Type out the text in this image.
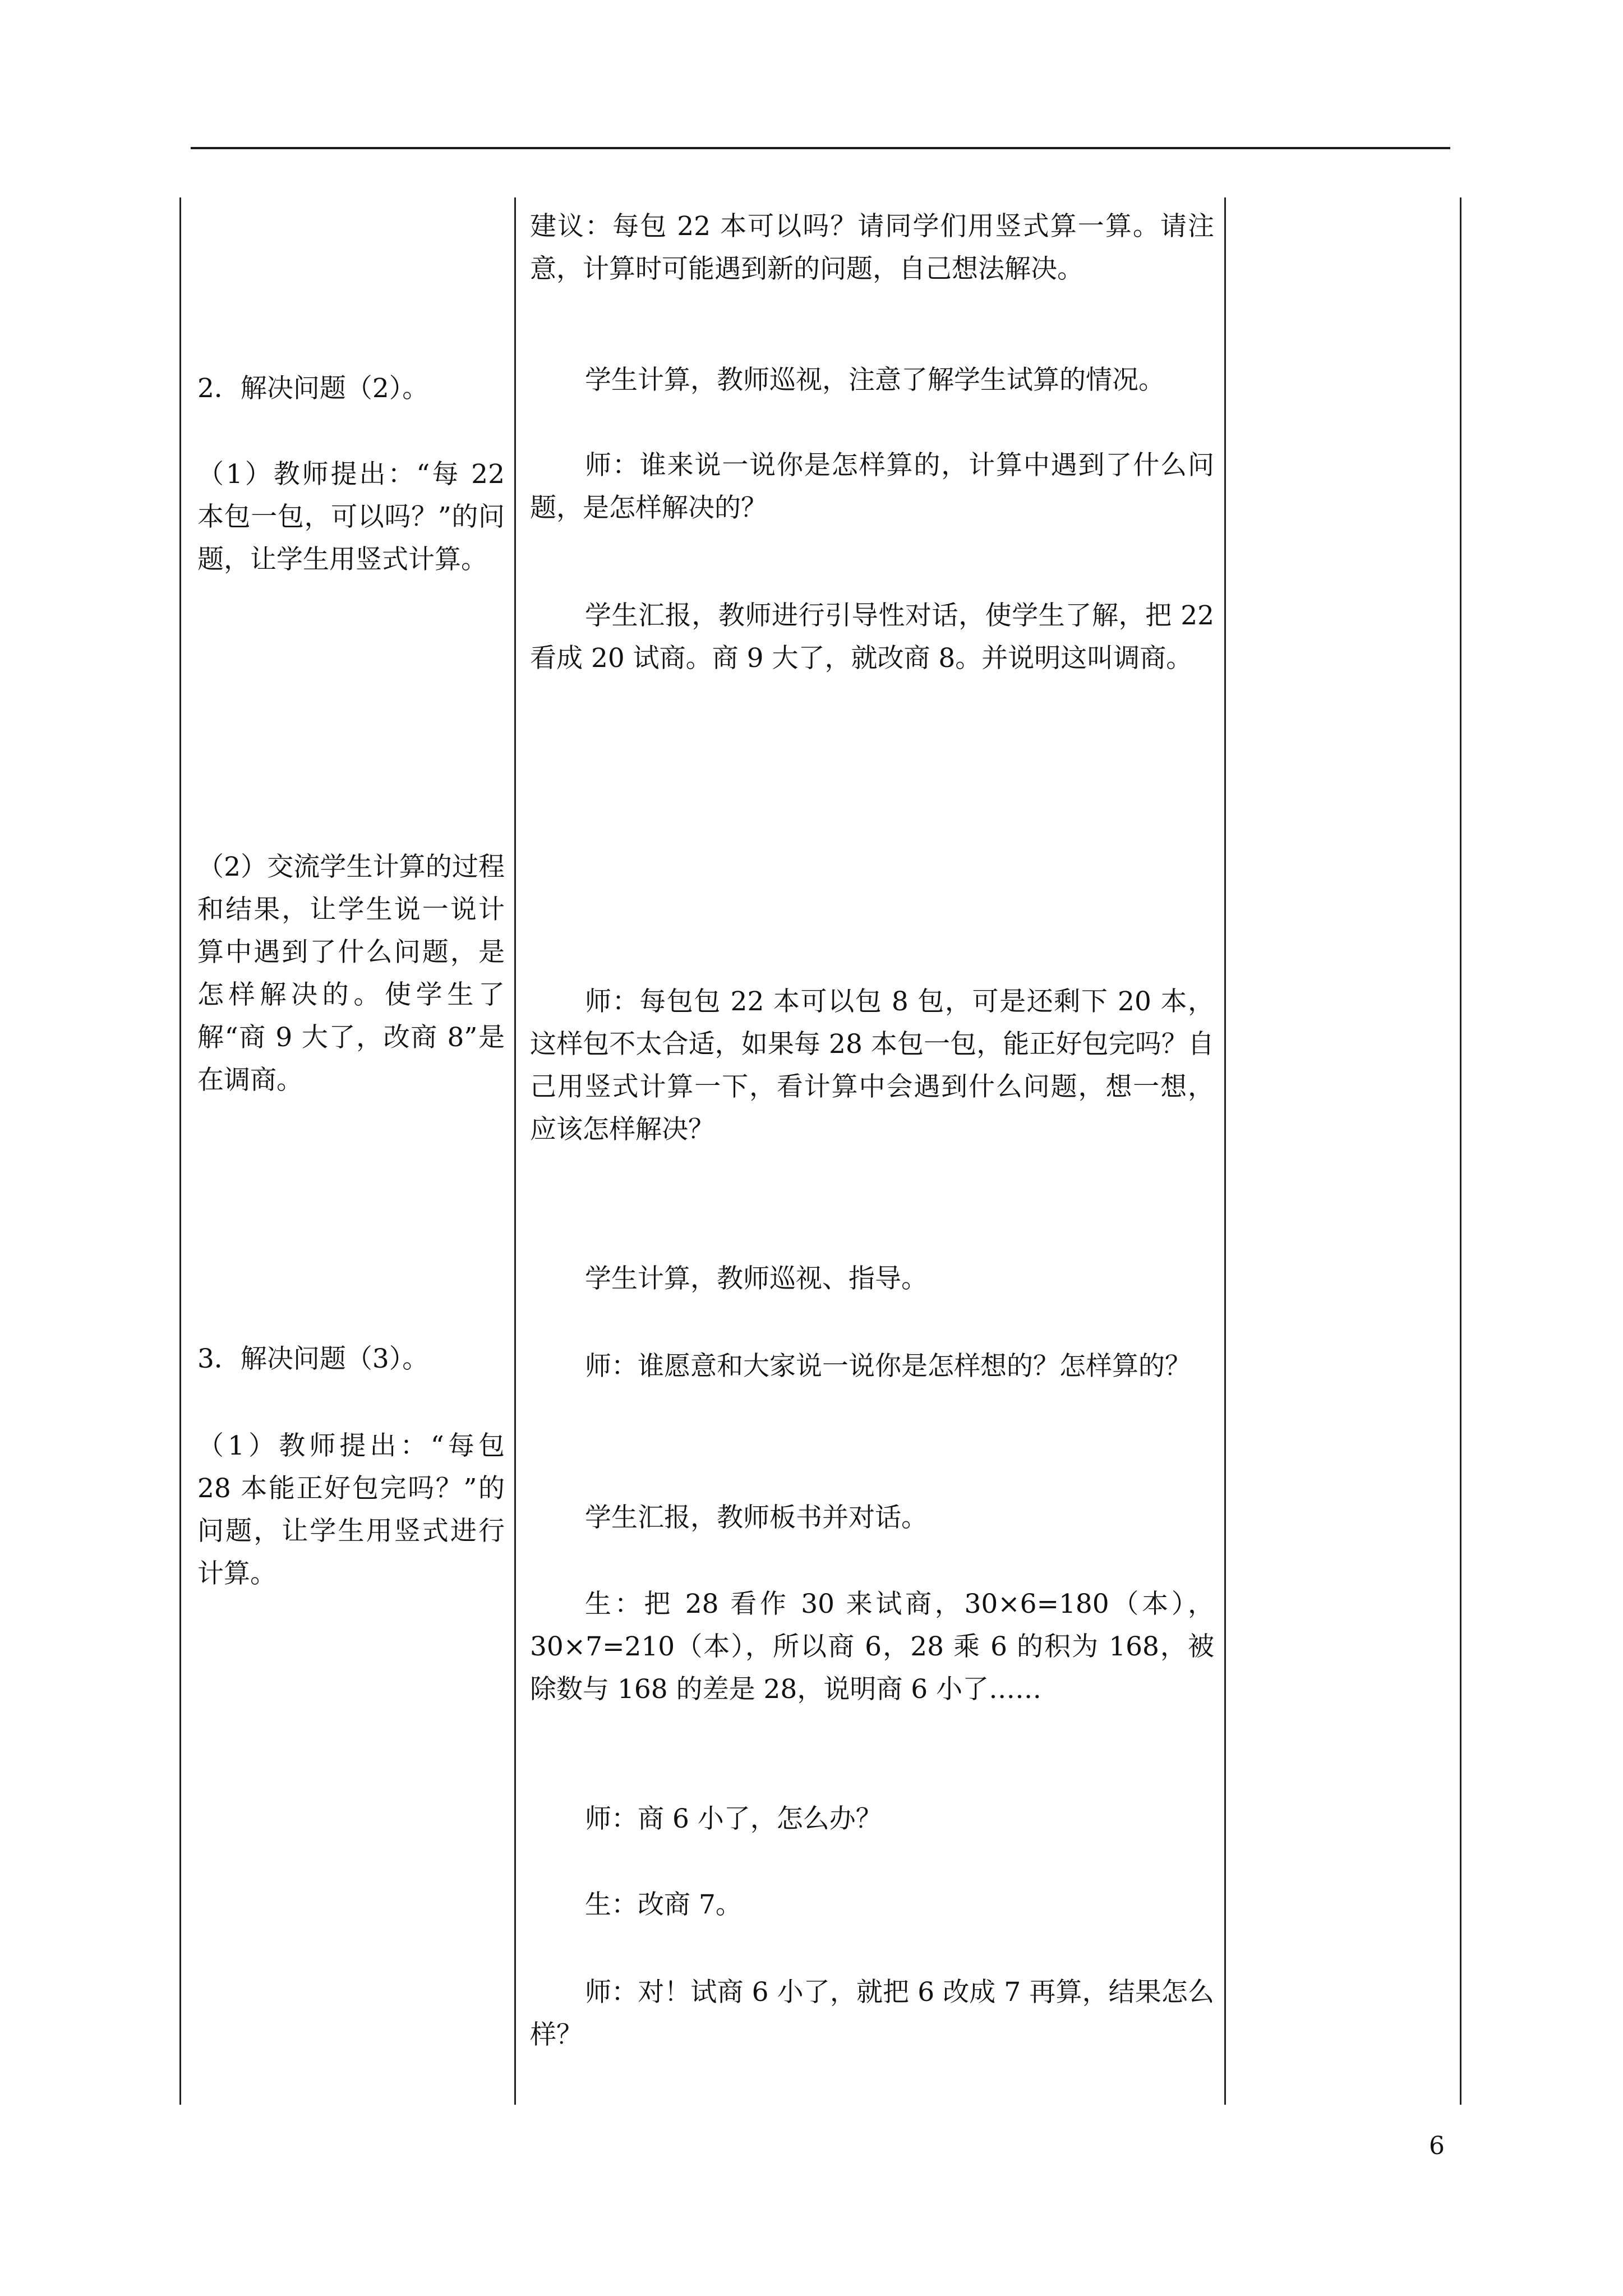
2．解决问题（2）。

（1）教师提出：“每 22 本包一包，可以吗？”的问题，让学生用竖式计算。

（2）交流学生计算的过程和结果，让学生说一说计算中遇到了什么问题，是怎样解决的。使学生了解“商 9 大了，改商 8”是在调商。

3．解决问题（3）。

（1）教师提出：“每包 28 本能正好包完吗？”的问题，让学生用竖式进行计算。

建议：每包 22 本可以吗？请同学们用竖式算一算。请注意，计算时可能遇到新的问题，自己想法解决。

学生计算，教师巡视，注意了解学生试算的情况。

师：谁来说一说你是怎样算的，计算中遇到了什么问题，是怎样解决的？

学生汇报，教师进行引导性对话，使学生了解，把 22 看成 20 试商。商 9 大了，就改商 8。并说明这叫调商。

师：每包包 22 本可以包 8 包，可是还剩下 20 本，这样包不太合适，如果每 28 本包一包，能正好包完吗？自己用竖式计算一下，看计算中会遇到什么问题，想一想，应该怎样解决？

学生计算，教师巡视、指导。

师：谁愿意和大家说一说你是怎样想的？怎样算的？

学生汇报，教师板书并对话。

生：把 28 看作 30 来试商，30×6=180（本），30×7=210（本），所以商 6，28 乘 6 的积为 168，被除数与 168 的差是 28，说明商 6 小了……

师：商 6 小了，怎么办？

生：改商 7。

师：对！试商 6 小了，就把 6 改成 7 再算，结果怎么样？

6
